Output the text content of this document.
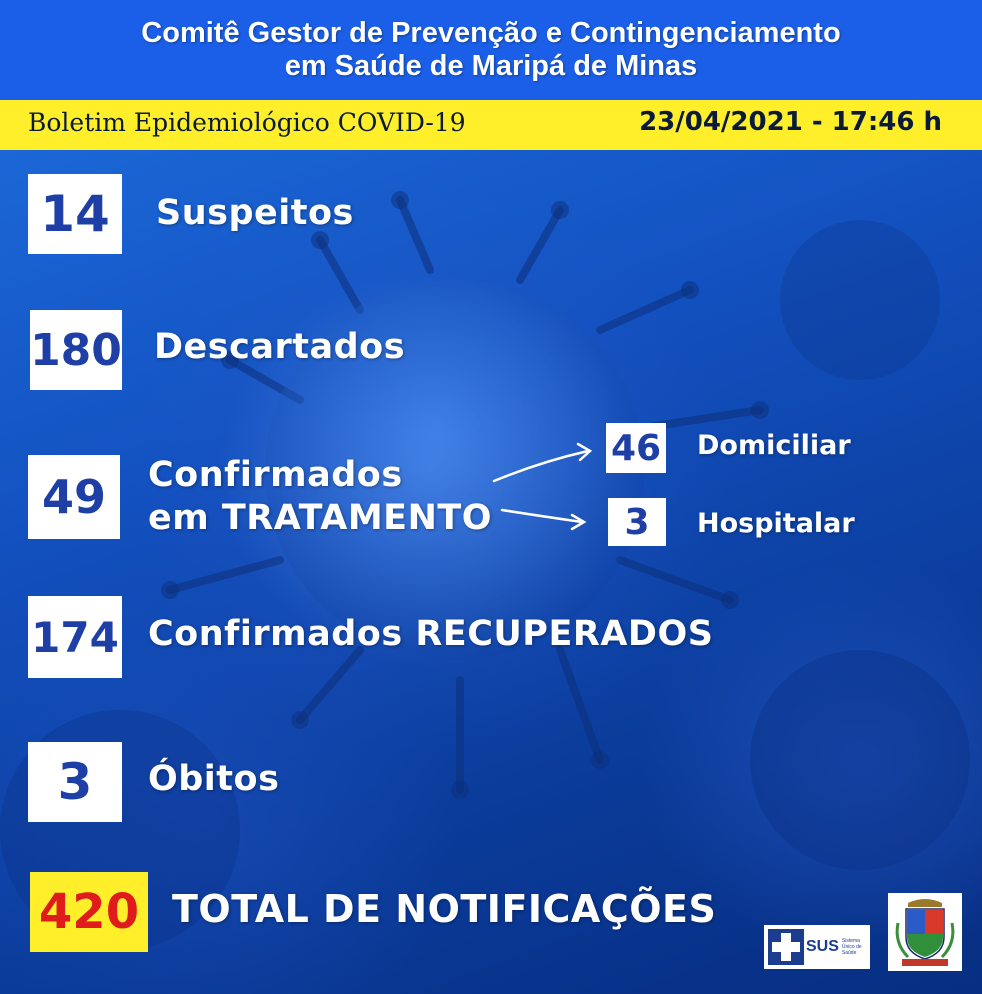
Comitê Gestor de Prevenção e Contingenciamento
em Saúde de Maripá de Minas
Boletim Epidemiológico COVID-19	23/04/2021 - 17:46 h
14	Suspeitos
180 Descartados
49	Confirmados
em TRATAMENTO
46 Domiciliar
3	Hospitalar
174 Confirmados RECUPERADOS
3	Óbitos
420 TOTAL DE NOTIFICAÇÕES
SUS Sistema Único de Saúde
